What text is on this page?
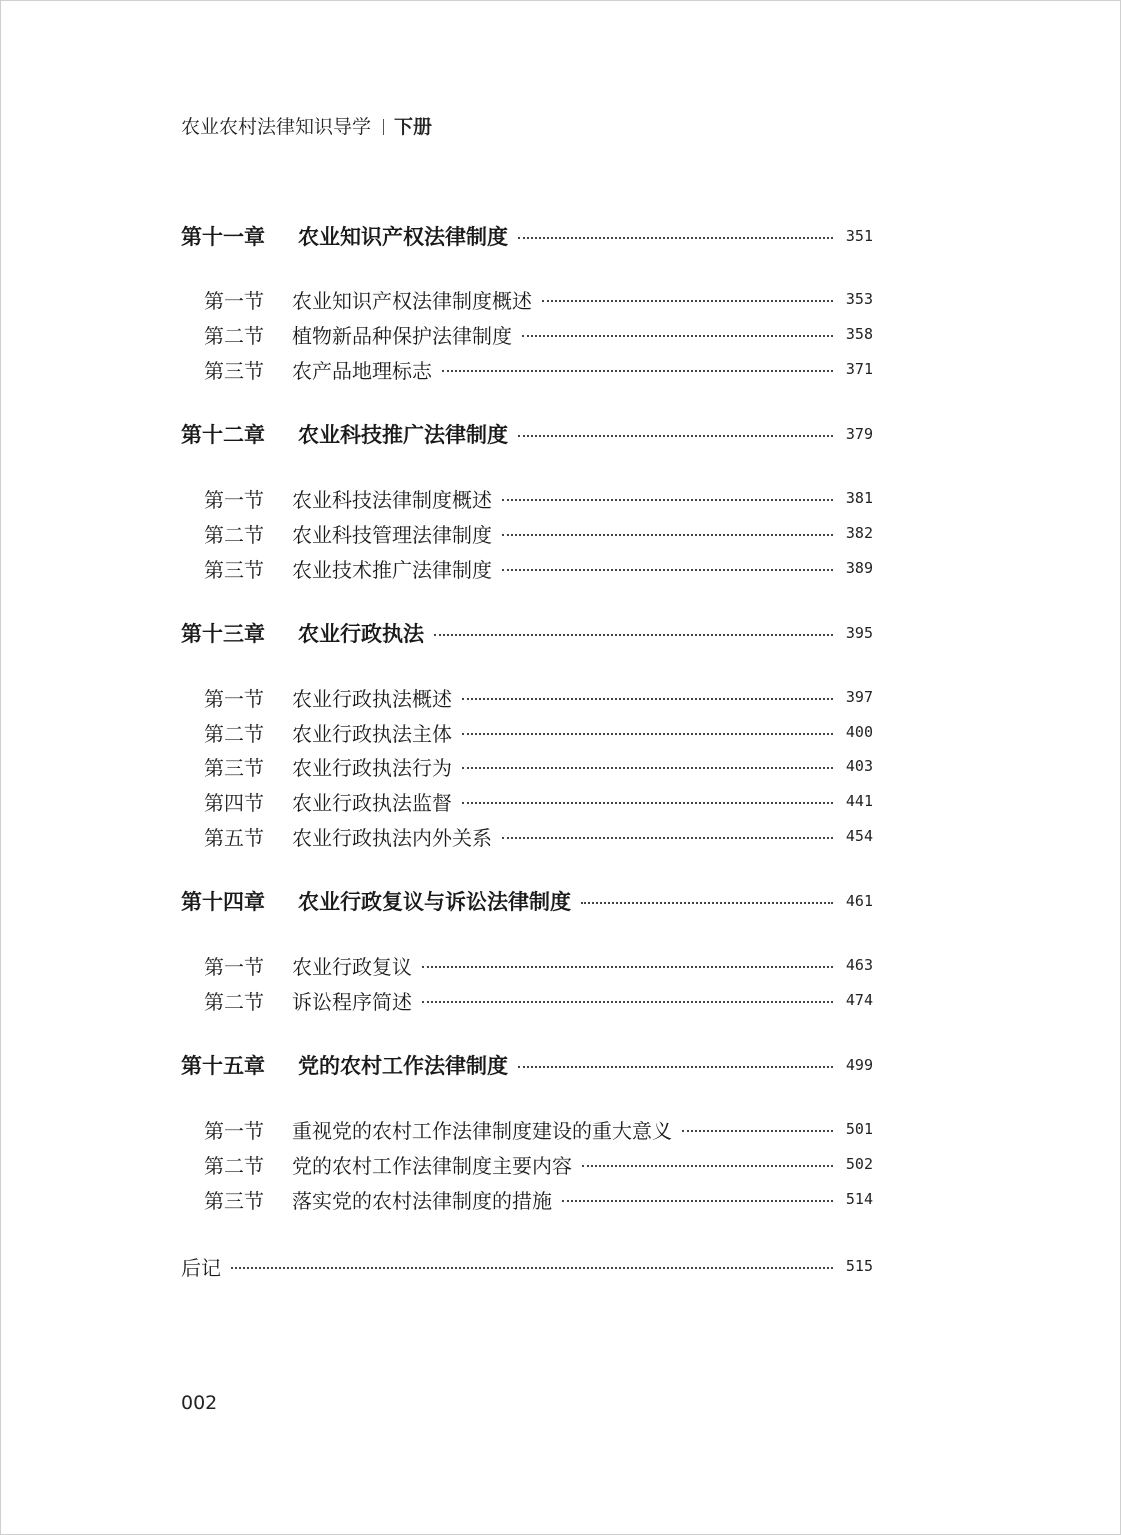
农业农村法律知识导学 下册
第十一章	农业知识产权法律制度	351
第一节	农业知识产权法律制度概述	353
第二节	植物新品种保护法律制度	358
第三节	农产品地理标志	371
第十二章	农业科技推广法律制度	379
第一节	农业科技法律制度概述	381
第二节	农业科技管理法律制度	382
第三节	农业技术推广法律制度	389
第十三章	农业行政执法	395
第一节	农业行政执法概述	397
第二节	农业行政执法主体	400
第三节	农业行政执法行为	403
第四节	农业行政执法监督	441
第五节	农业行政执法内外关系	454
第十四章	农业行政复议与诉讼法律制度	461
第一节	农业行政复议	463
第二节	诉讼程序简述	474
第十五章	党的农村工作法律制度	499
第一节	重视党的农村工作法律制度建设的重大意义	501
第二节	党的农村工作法律制度主要内容	502
第三节	落实党的农村法律制度的措施	514
后记	515
002
